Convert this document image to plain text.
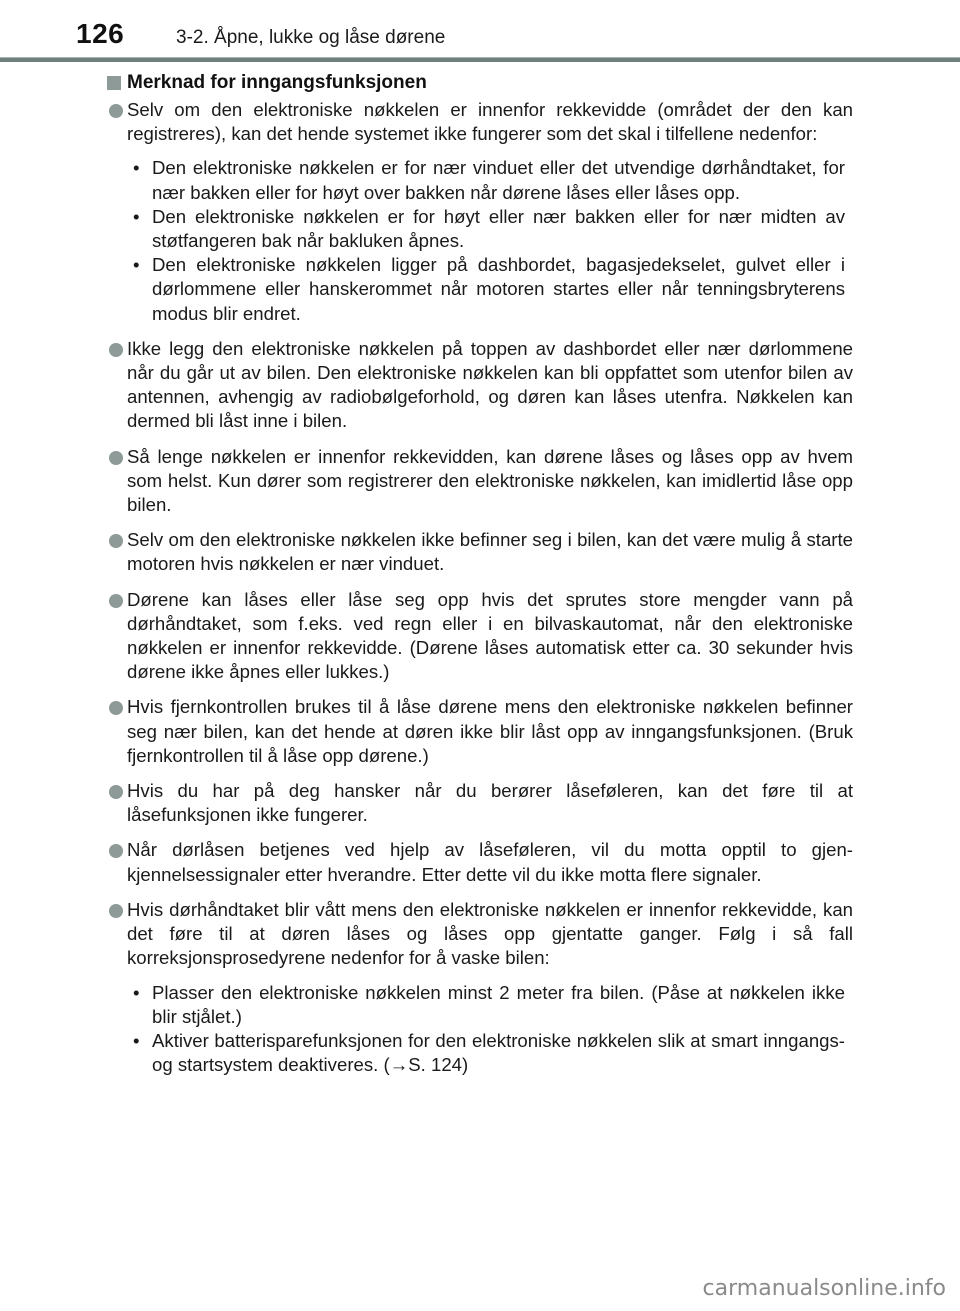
126	3-2. Åpne, lukke og låse dørene
Merknad for inngangsfunksjonen
Selv om den elektroniske nøkkelen er innenfor rekkevidde (området der den kan registreres), kan det hende systemet ikke fungerer som det skal i tilfellene nedenfor:
• Den elektroniske nøkkelen er for nær vinduet eller det utvendige dørhåndtaket, for nær bakken eller for høyt over bakken når dørene låses eller låses opp.
• Den elektroniske nøkkelen er for høyt eller nær bakken eller for nær midten av støtfangeren bak når bakluken åpnes.
• Den elektroniske nøkkelen ligger på dashbordet, bagasjedekselet, gulvet eller i dørlommene eller hanskerommet når motoren startes eller når tenningsbryterens modus blir endret.
Ikke legg den elektroniske nøkkelen på toppen av dashbordet eller nær dørlommene når du går ut av bilen. Den elektroniske nøkkelen kan bli oppfattet som utenfor bilen av antennen, avhengig av radiobølgeforhold, og døren kan låses utenfra. Nøkkelen kan dermed bli låst inne i bilen.
Så lenge nøkkelen er innenfor rekkevidden, kan dørene låses og låses opp av hvem som helst. Kun dører som registrerer den elektroniske nøkkelen, kan imidlertid låse opp bilen.
Selv om den elektroniske nøkkelen ikke befinner seg i bilen, kan det være mulig å starte motoren hvis nøkkelen er nær vinduet.
Dørene kan låses eller låse seg opp hvis det sprutes store mengder vann på dørhåndtaket, som f.eks. ved regn eller i en bilvaskautomat, når den elektroniske nøkkelen er innenfor rekkevidde. (Dørene låses automatisk etter ca. 30 sekunder hvis dørene ikke åpnes eller lukkes.)
Hvis fjernkontrollen brukes til å låse dørene mens den elektroniske nøkkelen befinner seg nær bilen, kan det hende at døren ikke blir låst opp av inngangsfunksjonen. (Bruk fjernkontrollen til å låse opp dørene.)
Hvis du har på deg hansker når du berører låseføleren, kan det føre til at låsefunksjonen ikke fungerer.
Når dørlåsen betjenes ved hjelp av låseføleren, vil du motta opptil to gjenkjennelsessignaler etter hverandre. Etter dette vil du ikke motta flere signaler.
Hvis dørhåndtaket blir vått mens den elektroniske nøkkelen er innenfor rekkevidde, kan det føre til at døren låses og låses opp gjentatte ganger. Følg i så fall korreksjonsprosedyrene nedenfor for å vaske bilen:
• Plasser den elektroniske nøkkelen minst 2 meter fra bilen. (Påse at nøkkelen ikke blir stjålet.)
• Aktiver batterisparefunksjonen for den elektroniske nøkkelen slik at smart inngangs- og startsystem deaktiveres. (→S. 124)
carmanualsonline.info
